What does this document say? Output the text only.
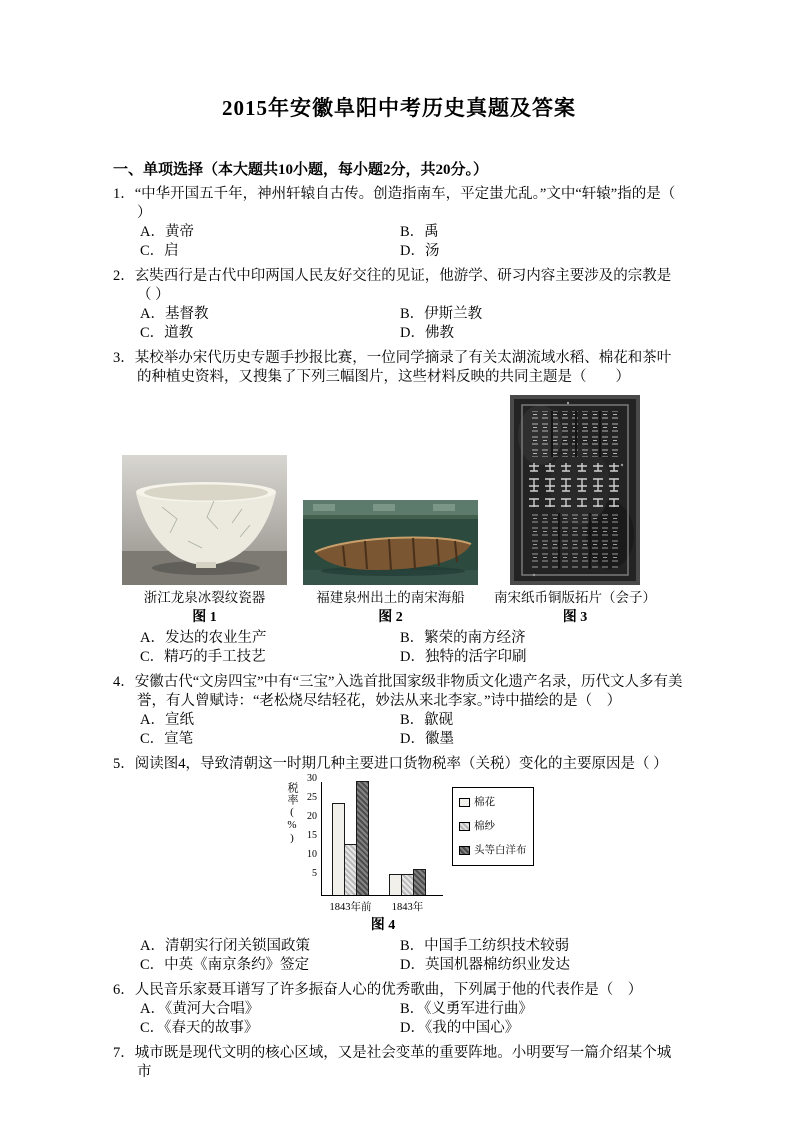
2015年安徽阜阳中考历史真题及答案
一、单项选择（本大题共10小题，每小题2分，共20分。）
1．“中华开国五千年，神州轩辕自古传。创造指南车，平定蚩尤乱。”文中“轩辕”指的是（ ）
A．黄帝	B．禹
C．启	D．汤
2．玄奘西行是古代中印两国人民友好交往的见证，他游学、研习内容主要涉及的宗教是（ ）
A．基督教	B．伊斯兰教
C．道教	D．佛教
3．某校举办宋代历史专题手抄报比赛，一位同学摘录了有关太湖流域水稻、棉花和茶叶的种植史资料，又搜集了下列三幅图片，这些材料反映的共同主题是（　　）
浙江龙泉冰裂纹瓷器
图 1
福建泉州出土的南宋海船
图 2
南宋纸币铜版拓片（会子）
图 3
A．发达的农业生产	B．繁荣的南方经济
C．精巧的手工技艺	D．独特的活字印刷
4．安徽古代“文房四宝”中有“三宝”入选首批国家级非物质文化遗产名录，历代文人多有美誉，有人曾赋诗：“老松烧尽结轻花，妙法从来北李家。”诗中描绘的是（　）
A．宣纸	B．歙砚
C．宣笔	D．徽墨
5．阅读图4，导致清朝这一时期几种主要进口货物税率（关税）变化的主要原因是（ ）
税率(%)
5
10
15
20
25
30
1843年前 1843年
棉花
棉纱
头等白洋布
图 4
A．清朝实行闭关锁国政策	B．中国手工纺织技术较弱
C．中英《南京条约》签定	D．英国机器棉纺织业发达
6．人民音乐家聂耳谱写了许多振奋人心的优秀歌曲，下列属于他的代表作是（　）
A．《黄河大合唱》	B．《义勇军进行曲》
C．《春天的故事》	D．《我的中国心》
7．城市既是现代文明的核心区域，又是社会变革的重要阵地。小明要写一篇介绍某个城市
